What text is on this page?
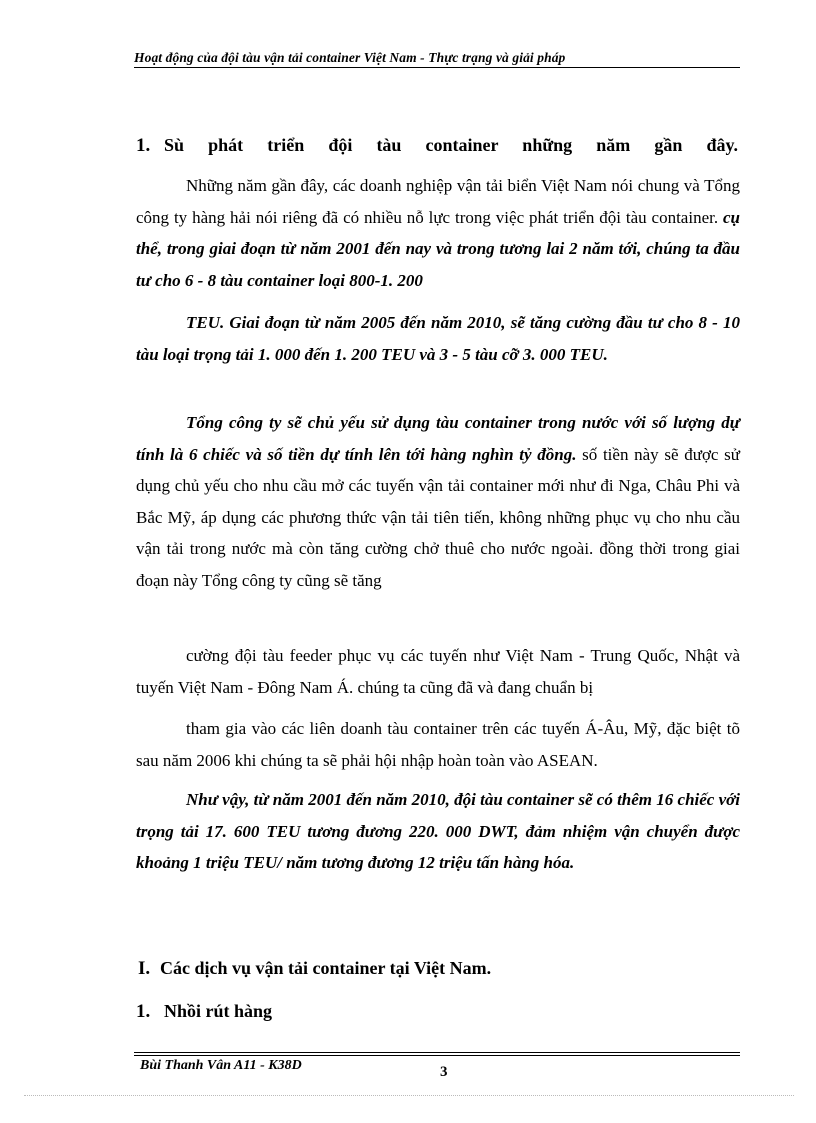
Hoạt động của đội tàu vận tải container Việt Nam - Thực trạng và giải pháp
1. Sù phát triển đội tàu container những năm gần đây.

Những năm gần đây, các doanh nghiệp vận tải biển Việt Nam nói chung và Tổng công ty hàng hải nói riêng đã có nhiều nỗ lực trong việc phát triển đội tàu container. cụ thể, trong giai đoạn từ năm 2001 đến nay và trong tương lai 2 năm tới, chúng ta đầu tư cho 6 - 8 tàu container loại 800-1. 200

TEU. Giai đoạn từ năm 2005 đến năm 2010, sẽ tăng cường đầu tư cho 8 - 10 tàu loại trọng tải 1. 000 đến 1. 200 TEU và 3 - 5 tàu cỡ 3. 000 TEU.

Tổng công ty sẽ chủ yếu sử dụng tàu container trong nước với số lượng dự tính là 6 chiếc và số tiền dự tính lên tới hàng nghìn tỷ đồng. số tiền này sẽ được sử dụng chủ yếu cho nhu cầu mở các tuyến vận tải container mới như đi Nga, Châu Phi và Bắc Mỹ, áp dụng các phương thức vận tải tiên tiến, không những phục vụ cho nhu cầu vận tải trong nước mà còn tăng cường chở thuê cho nước ngoài. đồng thời trong giai đoạn này Tổng công ty cũng sẽ tăng

cường đội tàu feeder phục vụ các tuyến như Việt Nam - Trung Quốc, Nhật và tuyến Việt Nam - Đông Nam Á. chúng ta cũng đã và đang chuẩn bị

tham gia vào các liên doanh tàu container trên các tuyến Á-Âu, Mỹ, đặc biệt tõ sau năm 2006 khi chúng ta sẽ phải hội nhập hoàn toàn vào ASEAN.

Như vậy, từ năm 2001 đến năm 2010, đội tàu container sẽ có thêm 16 chiếc với trọng tải 17. 600 TEU tương đương 220. 000 DWT, đảm nhiệm vận chuyển được khoảng 1 triệu TEU/ năm tương đương 12 triệu tấn hàng hóa.

I. Các dịch vụ vận tải container tại Việt Nam.
1. Nhồi rút hàng
Bùi Thanh Vân A11 - K38D	3
